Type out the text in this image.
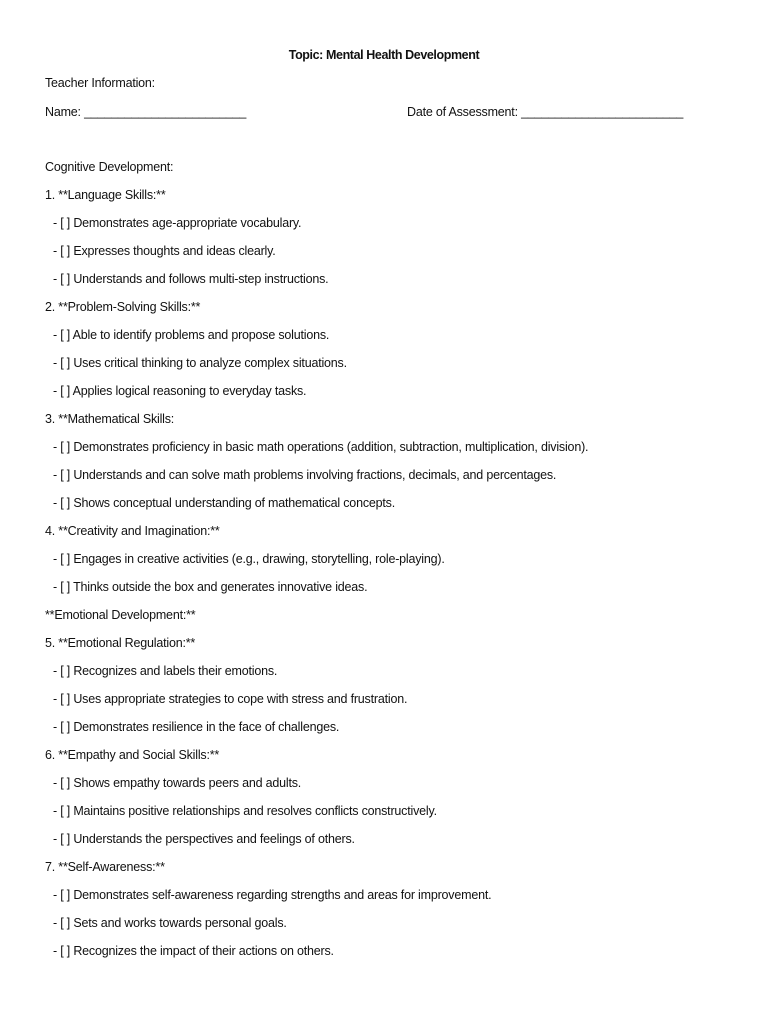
Topic: Mental Health Development
Teacher Information:
Name: ________________________	Date of Assessment: ________________________
Cognitive Development:
1. **Language Skills:**
- [ ] Demonstrates age-appropriate vocabulary.
- [ ] Expresses thoughts and ideas clearly.
- [ ] Understands and follows multi-step instructions.
2. **Problem-Solving Skills:**
- [ ] Able to identify problems and propose solutions.
- [ ] Uses critical thinking to analyze complex situations.
- [ ] Applies logical reasoning to everyday tasks.
3. **Mathematical Skills:
- [ ] Demonstrates proficiency in basic math operations (addition, subtraction, multiplication, division).
- [ ] Understands and can solve math problems involving fractions, decimals, and percentages.
- [ ] Shows conceptual understanding of mathematical concepts.
4. **Creativity and Imagination:**
- [ ] Engages in creative activities (e.g., drawing, storytelling, role-playing).
- [ ] Thinks outside the box and generates innovative ideas.
**Emotional Development:**
5. **Emotional Regulation:**
- [ ] Recognizes and labels their emotions.
- [ ] Uses appropriate strategies to cope with stress and frustration.
- [ ] Demonstrates resilience in the face of challenges.
6. **Empathy and Social Skills:**
- [ ] Shows empathy towards peers and adults.
- [ ] Maintains positive relationships and resolves conflicts constructively.
- [ ] Understands the perspectives and feelings of others.
7. **Self-Awareness:**
- [ ] Demonstrates self-awareness regarding strengths and areas for improvement.
- [ ] Sets and works towards personal goals.
- [ ] Recognizes the impact of their actions on others.
